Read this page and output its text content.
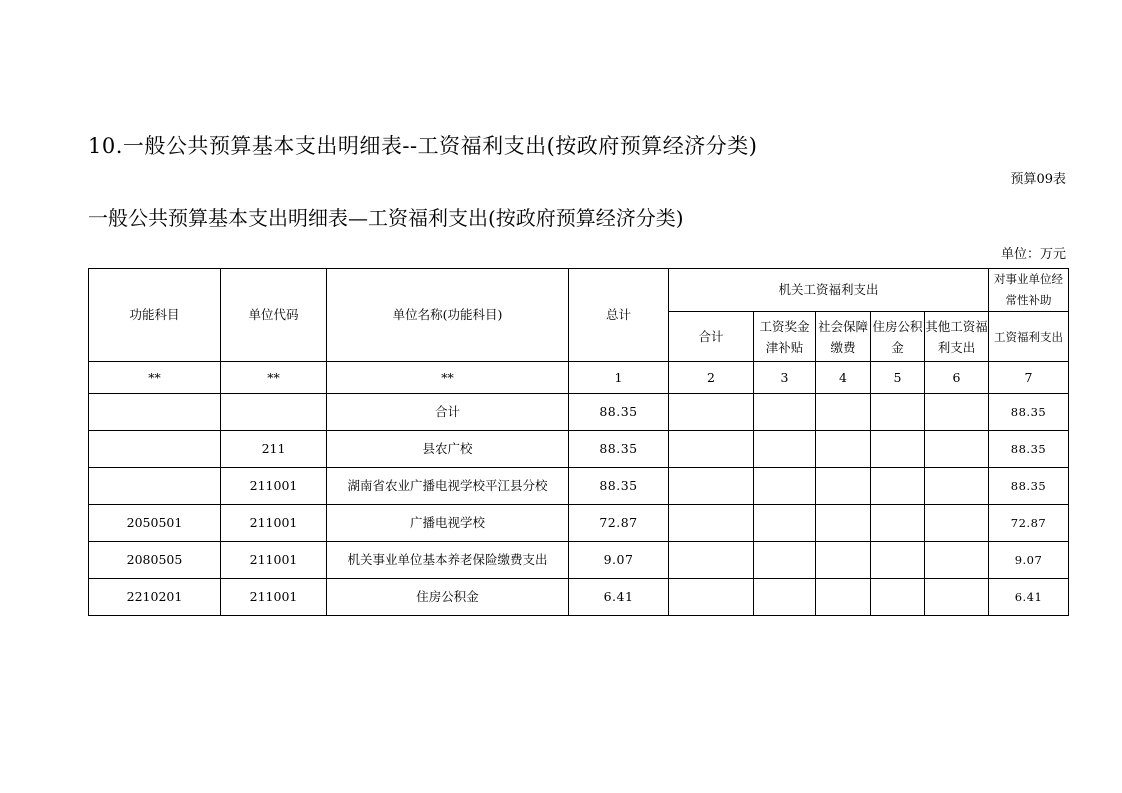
10.一般公共预算基本支出明细表--工资福利支出(按政府预算经济分类)
预算09表
一般公共预算基本支出明细表—工资福利支出(按政府预算经济分类)
单位：万元
功能科目	单位代码	单位名称(功能科目)	总计	机关工资福利支出					对事业单位经常性补助
				合计	工资奖金津补贴	社会保障缴费	住房公积金	其他工资福利支出	工资福利支出
**	**	**	1	2	3	4	5	6	7
		合计	88.35						88.35
	211	县农广校	88.35						88.35
	211001	湖南省农业广播电视学校平江县分校	88.35						88.35
2050501	211001	广播电视学校	72.87						72.87
2080505	211001	机关事业单位基本养老保险缴费支出	9.07						9.07
2210201	211001	住房公积金	6.41						6.41
